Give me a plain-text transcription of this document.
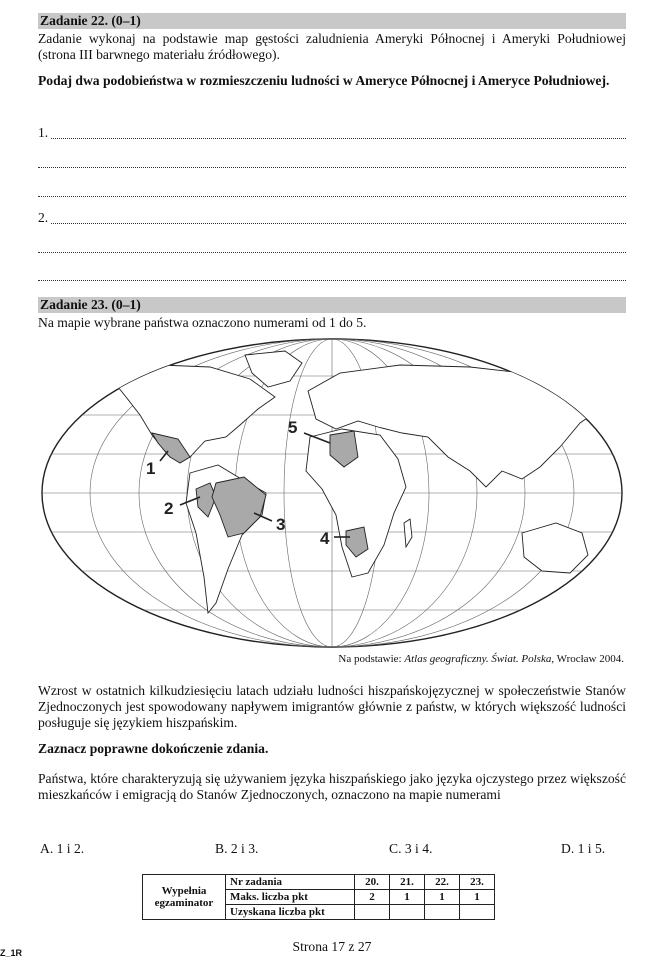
Zadanie 22. (0–1)
Zadanie wykonaj na podstawie map gęstości zaludnienia Ameryki Północnej i Ameryki Południowej (strona III barwnego materiału źródłowego).
Podaj dwa podobieństwa w rozmieszczeniu ludności w Ameryce Północnej i Ameryce Południowej.
1.
2.
Zadanie 23. (0–1)
Na mapie wybrane państwa oznaczono numerami od 1 do 5.
1
2
3
4
5
Na podstawie: Atlas geograficzny. Świat. Polska, Wrocław 2004.
Wzrost w ostatnich kilkudziesięciu latach udziału ludności hiszpańskojęzycznej w społeczeństwie Stanów Zjednoczonych jest spowodowany napływem imigrantów głównie z państw, w których większość ludności posługuje się językiem hiszpańskim.
Zaznacz poprawne dokończenie zdania.
Państwa, które charakteryzują się używaniem języka hiszpańskiego jako języka ojczystego przez większość mieszkańców i emigracją do Stanów Zjednoczonych, oznaczono na mapie numerami
A. 1 i 2.	B. 2 i 3.	C. 3 i 4.	D. 1 i 5.
Wypełnia
egzaminator	Nr zadania	20.	21.	22.	23.
	Maks. liczba pkt	2	1	1	1
	Uzyskana liczba pkt				
Strona 17 z 27
Z_1R
